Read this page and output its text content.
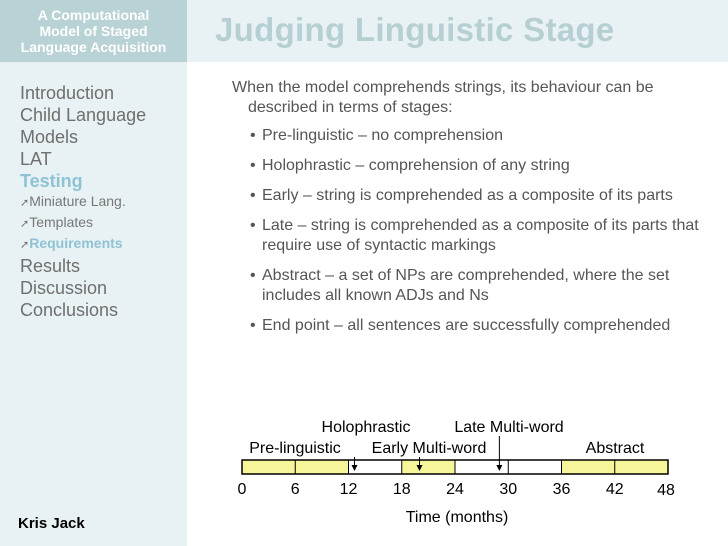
A Computational
Model of Staged
Language Acquisition	Judging Linguistic Stage
Introduction
Child Language
Models
LAT
Testing
➚Miniature Lang.
➚Templates
➚Requirements
Results
Discussion
Conclusions
Kris Jack

When the model comprehends strings, its behaviour can be described in terms of stages:

• Pre-linguistic – no comprehension
• Holophrastic – comprehension of any string
• Early – string is comprehended as a composite of its parts
• Late – string is comprehended as a composite of its parts that require use of syntactic markings
• Abstract – a set of NPs are comprehended, where the set includes all known ADJs and Ns
• End point – all sentences are successfully comprehended
0	6 12 18 24 30 36 42 48
Pre-linguistic
Holophrastic
Early Multi-word
Late Multi-word
Abstract
Time (months)
